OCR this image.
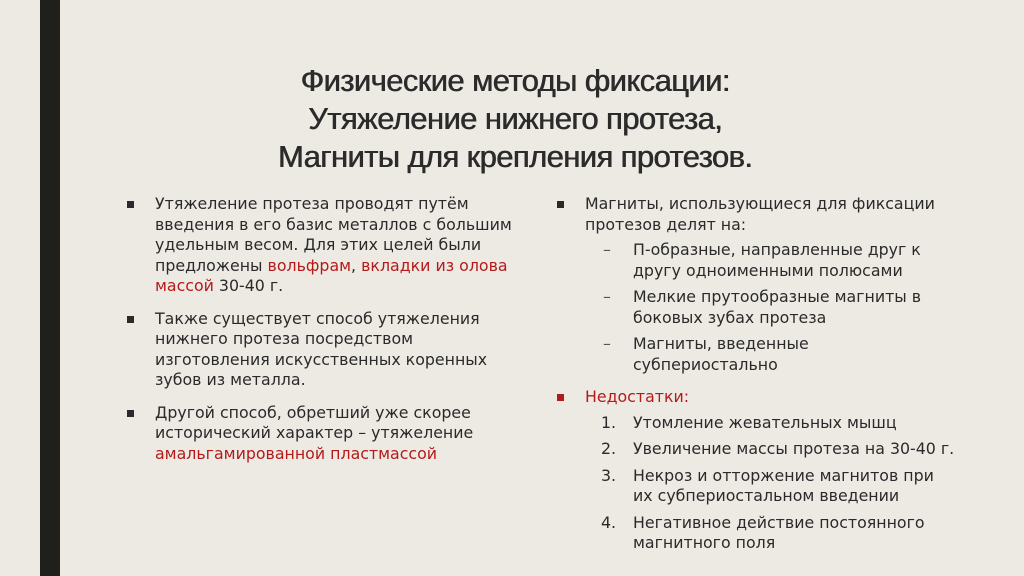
Физические методы фиксации:
Утяжеление нижнего протеза,
Магниты для крепления протезов.
Утяжеление протеза проводят путём введения в его базис металлов с большим удельным весом. Для этих целей были предложены вольфрам, вкладки из олова массой 30-40 г.
Также существует способ утяжеления нижнего протеза посредством изготовления искусственных коренных зубов из металла.
Другой способ, обретший уже скорее исторический характер – утяжеление амальгамированной пластмассой
Магниты, использующиеся для фиксации протезов делят на:
– П-образные, направленные друг к другу одноименными полюсами
– Мелкие прутообразные магниты в боковых зубах протеза
– Магниты, введенные субпериостально
Недостатки:
1. Утомление жевательных мышц
2. Увеличение массы протеза на 30-40 г.
3. Некроз и отторжение магнитов при их субпериостальном введении
4. Негативное действие постоянного магнитного поля
